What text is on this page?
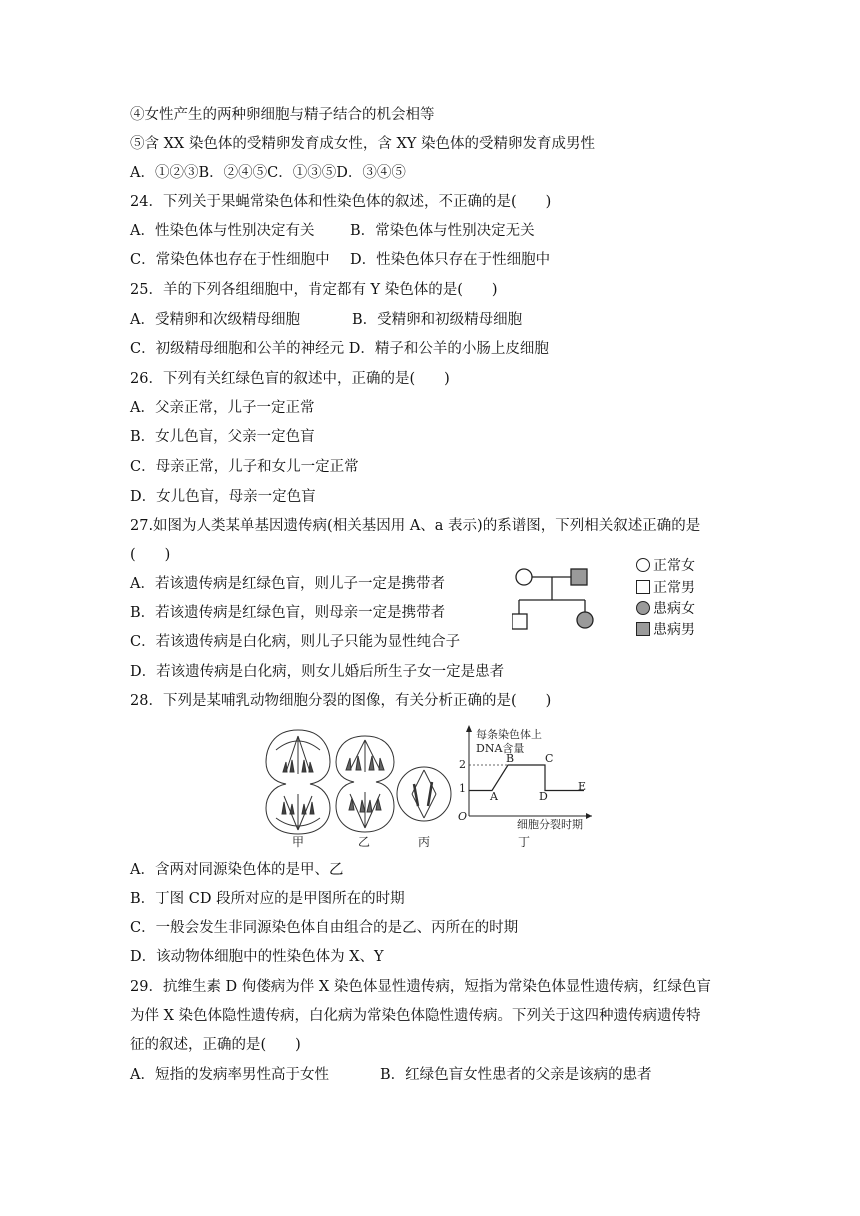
④女性产生的两种卵细胞与精子结合的机会相等
⑤含 XX 染色体的受精卵发育成女性，含 XY 染色体的受精卵发育成男性
A．①②③B．②④⑤C．①③⑤D．③④⑤
24．下列关于果蝇常染色体和性染色体的叙述，不正确的是(　　)
A．性染色体与性别决定有关 B．常染色体与性别决定无关
C．常染色体也存在于性细胞中 D．性染色体只存在于性细胞中
25．羊的下列各组细胞中，肯定都有 Y 染色体的是(　　)
A．受精卵和次级精母细胞	B．受精卵和初级精母细胞
C．初级精母细胞和公羊的神经元 D．精子和公羊的小肠上皮细胞
26．下列有关红绿色盲的叙述中，正确的是(　　)
A．父亲正常，儿子一定正常
B．女儿色盲，父亲一定色盲
C．母亲正常，儿子和女儿一定正常
D．女儿色盲，母亲一定色盲
27.如图为人类某单基因遗传病(相关基因用 A、a 表示)的系谱图，下列相关叙述正确的是
(　　)
A．若该遗传病是红绿色盲，则儿子一定是携带者
B．若该遗传病是红绿色盲，则母亲一定是携带者
C．若该遗传病是白化病，则儿子只能为显性纯合子
D．若该遗传病是白化病，则女儿婚后所生子女一定是患者
正常女
正常男
患病女
患病男
28．下列是某哺乳动物细胞分裂的图像，有关分析正确的是(　　)
每条染色体上
DNA含量
2
1
O
A
B	C
D
E
细胞分裂时期
甲	乙	丙	丁
A．含两对同源染色体的是甲、乙
B．丁图 CD 段所对应的是甲图所在的时期
C．一般会发生非同源染色体自由组合的是乙、丙所在的时期
D．该动物体细胞中的性染色体为 X、Y
29．抗维生素 D 佝偻病为伴 X 染色体显性遗传病，短指为常染色体显性遗传病，红绿色盲
为伴 X 染色体隐性遗传病，白化病为常染色体隐性遗传病。下列关于这四种遗传病遗传特
征的叙述，正确的是(　　)
A．短指的发病率男性高于女性	B．红绿色盲女性患者的父亲是该病的患者
